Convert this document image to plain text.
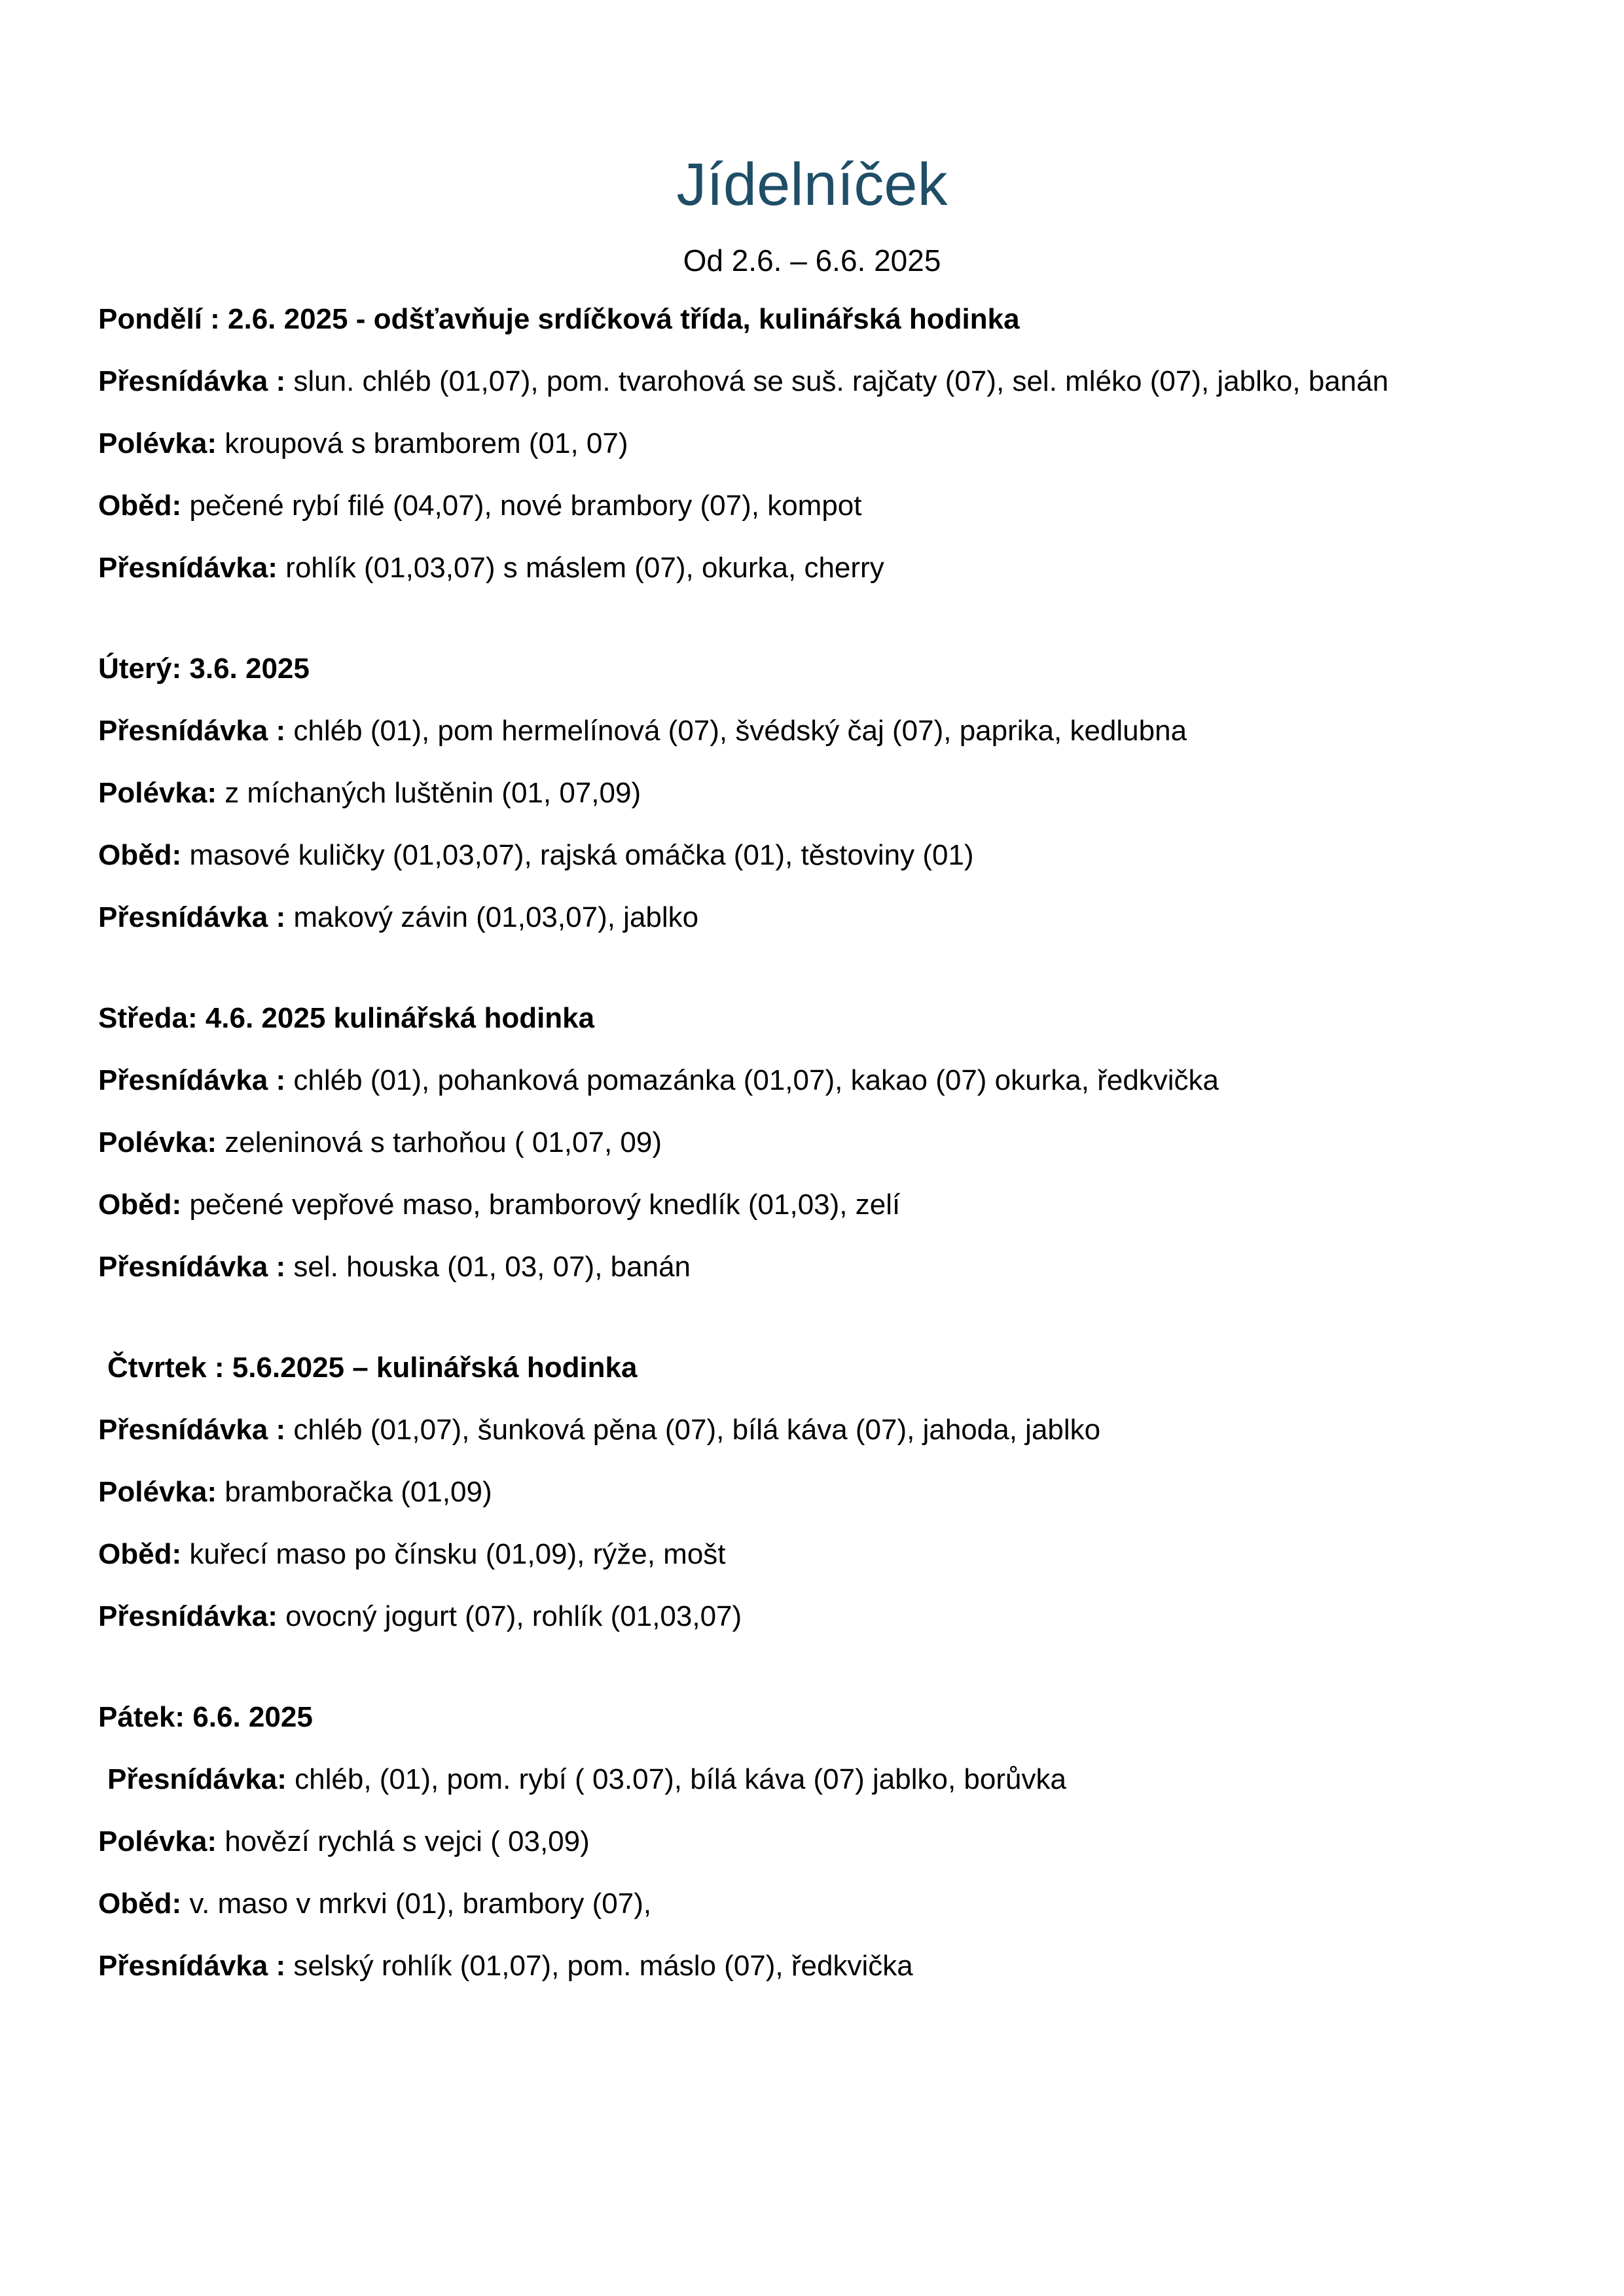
Jídelníček
Od 2.6. – 6.6. 2025
Pondělí : 2.6. 2025 - odšťavňuje srdíčková třída, kulinářská hodinka
Přesnídávka : slun. chléb (01,07), pom. tvarohová se suš. rajčaty (07), sel. mléko (07), jablko, banán
Polévka: kroupová s bramborem (01, 07)
Oběd: pečené rybí filé (04,07), nové brambory (07), kompot
Přesnídávka: rohlík (01,03,07) s máslem (07), okurka, cherry
Úterý: 3.6. 2025
Přesnídávka : chléb (01), pom hermelínová (07), švédský čaj (07), paprika, kedlubna
Polévka: z míchaných luštěnin (01, 07,09)
Oběd: masové kuličky (01,03,07), rajská omáčka (01), těstoviny (01)
Přesnídávka : makový závin (01,03,07), jablko
Středa: 4.6. 2025 kulinářská hodinka
Přesnídávka : chléb (01), pohanková pomazánka (01,07), kakao (07) okurka, ředkvička
Polévka: zeleninová s tarhoňou ( 01,07, 09)
Oběd: pečené vepřové maso, bramborový knedlík (01,03), zelí
Přesnídávka : sel. houska (01, 03, 07), banán
Čtvrtek : 5.6.2025 – kulinářská hodinka
Přesnídávka : chléb (01,07), šunková pěna (07), bílá káva (07), jahoda, jablko
Polévka: bramboračka (01,09)
Oběd: kuřecí maso po čínsku (01,09), rýže, mošt
Přesnídávka: ovocný jogurt (07), rohlík (01,03,07)
Pátek: 6.6. 2025
Přesnídávka: chléb, (01), pom. rybí ( 03.07), bílá káva (07) jablko, borůvka
Polévka: hovězí rychlá s vejci ( 03,09)
Oběd: v. maso v mrkvi (01), brambory (07),
Přesnídávka : selský rohlík (01,07), pom. máslo (07), ředkvička
